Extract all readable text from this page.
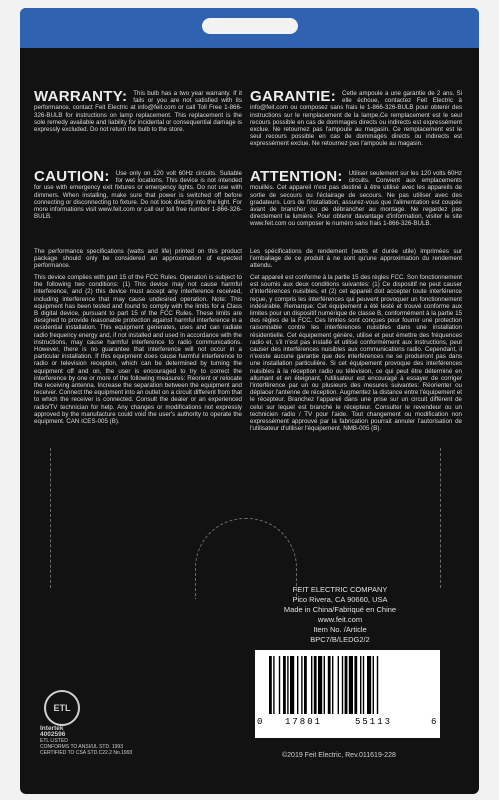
WARRANTY: This bulb has a two year warranty. If it fails or you are not satisfied with its performance, contact Feit Electric at info@feit.com or call Toll Free 1-866-326-BULB for instructions on lamp replacement. This replacement is the sole remedy available and liability for incidental or consequential damage is expressly excluded. Do not return the bulb to the store.
CAUTION: Use only on 120 volt 60Hz circuits. Suitable for wet locations. This device is not intended for use with emergency exit fixtures or emergency lights. Do not use with dimmers. When installing, make sure that power is switched off before connecting or disconnecting to fixture. Do not look directly into the light. For more informations visit www.feit.com or call our toll free number 1-866-326-BULB.
The performance specifications (watts and life) printed on this product package should only be considered an approximation of expected performance.
This device complies with part 15 of the FCC Rules. Operation is subject to the following two conditions: (1) This device may not cause harmful interference, and (2) this device must accept any interference received, including interference that may cause undesired operation. Note: This equipment has been tested and found to comply with the limits for a Class B digital device, pursuant to part 15 of the FCC Rules. These limits are designed to provide reasonable protection against harmful interference in a residential installation. This equipment generates, uses and can radiate radio frequency energy and, if not installed and used in accordance with the instructions, may cause harmful interference to radio communications. However, there is no guarantee that interference will not occur in a particular installation. If this equipment does cause harmful interference to radio or television reception, which can be determined by turning the equipment off and on, the user is encouraged to try to correct the interference by one or more of the following measures: Reorient or relocate the receiving antenna. Increase the separation between the equipment and receiver. Connect the equipment into an outlet on a circuit different from that to which the receiver is connected. Consult the dealer or an experienced radio/TV technician for help. Any changes or modifications not expressly approved by the manufacture could void the user's authority to operate the equipment. CAN ICES-005 (B).
GARANTIE: Cette ampoule a une garantie de 2 ans. Si elle échoue, contactez Feit Electric à info@feit.com ou composez sans frais le 1-866-326-BULB pour obtenir des instructions sur le remplacement de la lampe.Ce remplacement est le seul recours possible en cas de dommages directs ou indirects est expressément exclue. Ne retournez pas l'ampoule au magasin. Ce remplacement est le seul recours possible en cas de dommages directs ou indirects est expressément exclue. Ne retournez pas l'ampoule au magasin.
ATTENTION: Utiliser seulement sur les 120 volts 60Hz circuits. Convient aux emplacements mouillés. Cet appareil n'est pas destiné à être utilisé avec les appareils de sortie de secours ou l'éclairage de secours. Ne pas utiliser avec des gradateurs. Lors de l'installation, assurez-vous que l'alimentation est coupée avant de brancher ou de débrancher au montage. Ne regardez pas directement la lumière. Pour obtenir davantage d'information, visiter le site www.feit.com ou composer le numéro sans frais 1-866-326-BULB.
Les spécifications de rendement (watts et durée utile) imprimées sur l'emballage de ce produit à ne sont qu'une approximation du rendement attendu.
Cet appareil est conforme à la partie 15 des règles FCC. Son fonctionnement est soumis aux deux conditions suivantes: (1) Ce dispositif ne peut causer d'interférences nuisibles, et (2) cet appareil doit accepter toute interférence reçue, y compris les interférences qui peuvent provoquer un fonctionnement indésirable. Remarque: Cet équipement a été testé et trouvé conforme aux limites pour un dispositif numérique de classe B, conformément à la partie 15 des règles de la FCC. Ces limites sont conçues pour fournir une protection raisonnable contre les interférences nuisibles dans une installation résidentielle. Cet équipement génère, utilise et peut émettre des fréquences radio et, s'il n'est pas installé et utilisé conformément aux instructions, peut causer des interférences nuisibles aux communications radio. Cependant, il n'existe aucune garantie que des interférences ne se produiront pas dans une installation particulière. Si cet équipement provoque des interférences nuisibles à la réception radio ou télévision, ce qui peut être déterminé en allumant et en éteignant, l'utilisateur est encouragé à essayer de corriger l'interférence par un ou plusieurs des mesures suivantes: Réorienter ou déplacer l'antenne de réception. Augmentez la distance entre l'équipement et le récepteur. Branchez l'appareil dans une prise sur un circuit différent de celui sur lequel est branché le récepteur. Consulter le revendeur ou un technicien radio / TV pour l'aide. Tout changement ou modification non expressément approuvé par la fabrication pourrait annuler l'autorisation de l'utilisateur d'utiliser l'équipement. NMB-005 (B).
FEIT ELECTRIC COMPANY
Pico Rivera, CA 90660, USA
Made in China/Fabriqué en Chine
www.feit.com
Item No. /Article
BPC7/B/LEDG2/2
ETL
Intertek
4002596
ETL LISTED
CONFORMS TO ANSI/UL STD. 1993
CERTIFIED TO CSA STD.C22.2 No.1993
0	17801	55113	6
©2019 Feit Electric, Rev.011619-228
